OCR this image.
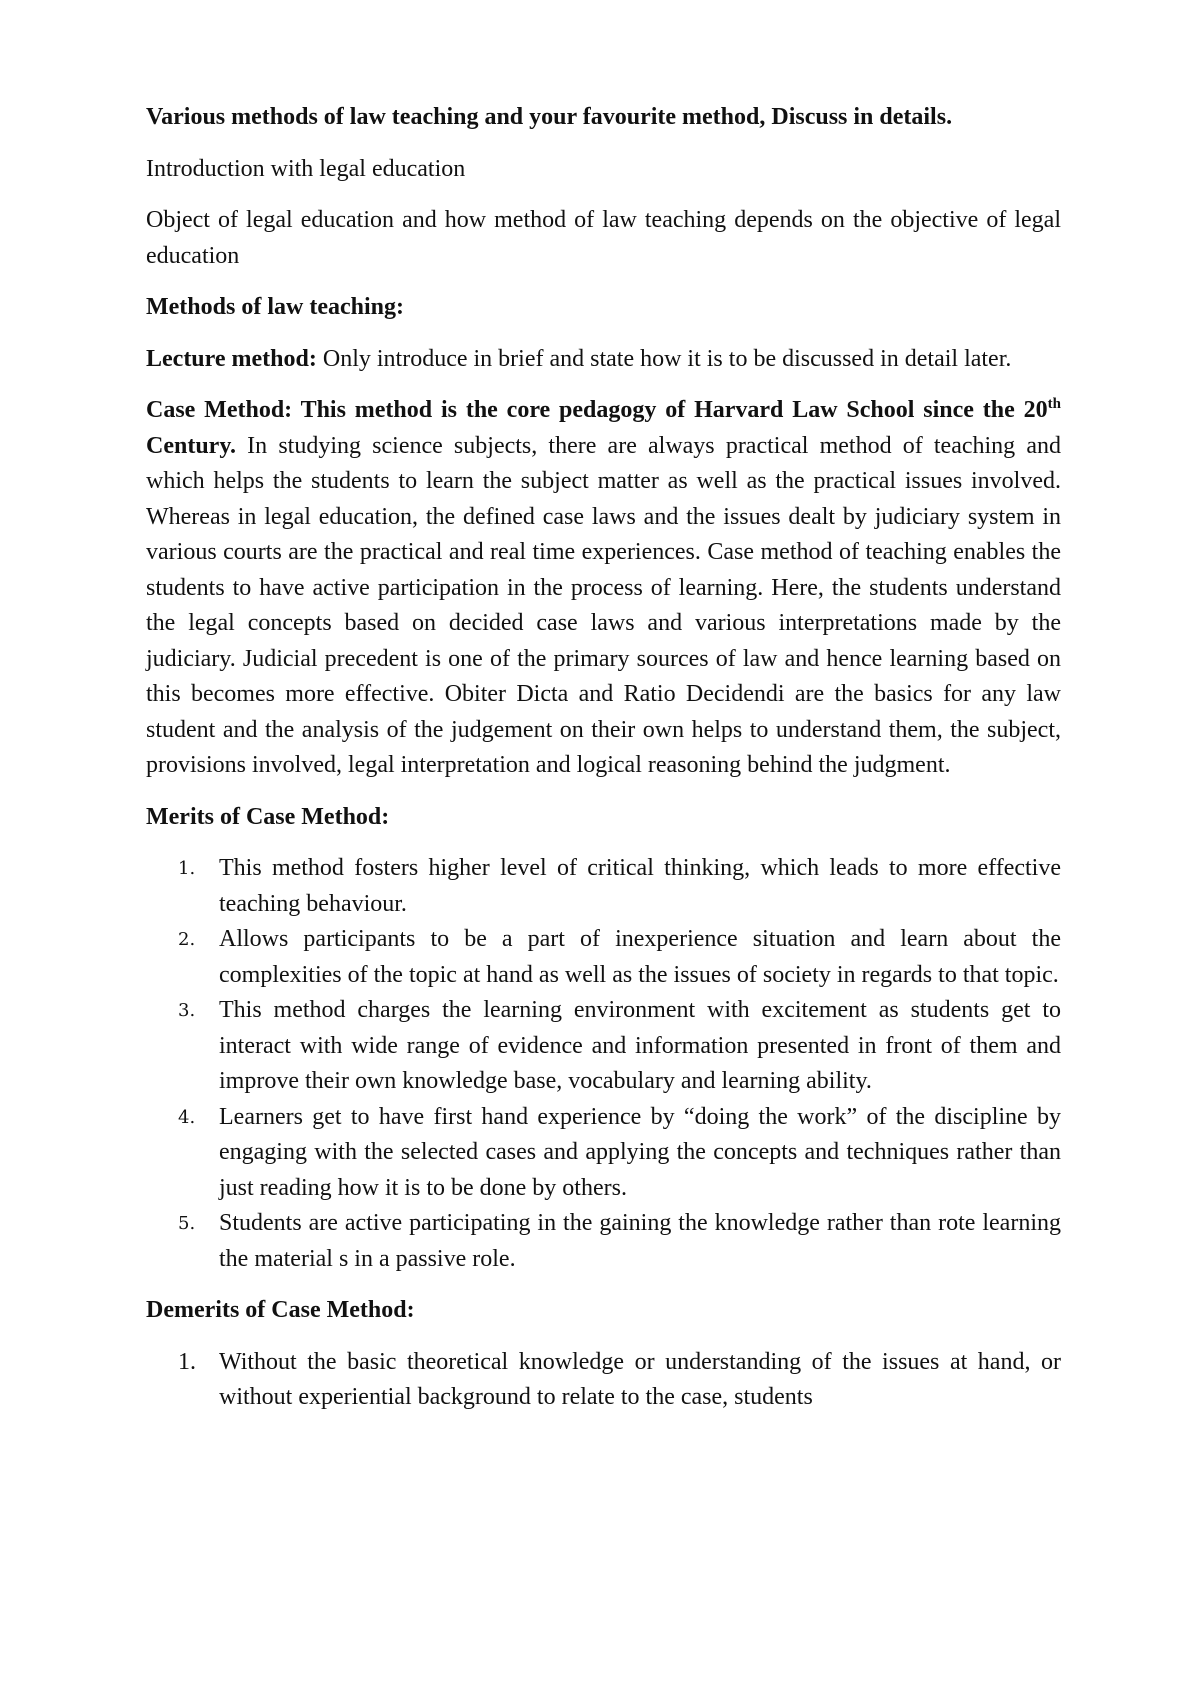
Various methods of law teaching and your favourite method, Discuss in details.

Introduction with legal education

Object of legal education and how method of law teaching depends on the objective of legal education

Methods of law teaching:

Lecture method: Only introduce in brief and state how it is to be discussed in detail later.

Case Method: This method is the core pedagogy of Harvard Law School since the 20th Century. In studying science subjects, there are always practical method of teaching and which helps the students to learn the subject matter as well as the practical issues involved. Whereas in legal education, the defined case laws and the issues dealt by judiciary system in various courts are the practical and real time experiences. Case method of teaching enables the students to have active participation in the process of learning. Here, the students understand the legal concepts based on decided case laws and various interpretations made by the judiciary. Judicial precedent is one of the primary sources of law and hence learning based on this becomes more effective. Obiter Dicta and Ratio Decidendi are the basics for any law student and the analysis of the judgement on their own helps to understand them, the subject, provisions involved, legal interpretation and logical reasoning behind the judgment.

Merits of Case Method:

1. This method fosters higher level of critical thinking, which leads to more effective teaching behaviour.
2. Allows participants to be a part of inexperience situation and learn about the complexities of the topic at hand as well as the issues of society in regards to that topic.
3. This method charges the learning environment with excitement as students get to interact with wide range of evidence and information presented in front of them and improve their own knowledge base, vocabulary and learning ability.
4. Learners get to have first hand experience by “doing the work” of the discipline by engaging with the selected cases and applying the concepts and techniques rather than just reading how it is to be done by others.
5. Students are active participating in the gaining the knowledge rather than rote learning the material s in a passive role.

Demerits of Case Method:

1. Without the basic theoretical knowledge or understanding of the issues at hand, or without experiential background to relate to the case, students
